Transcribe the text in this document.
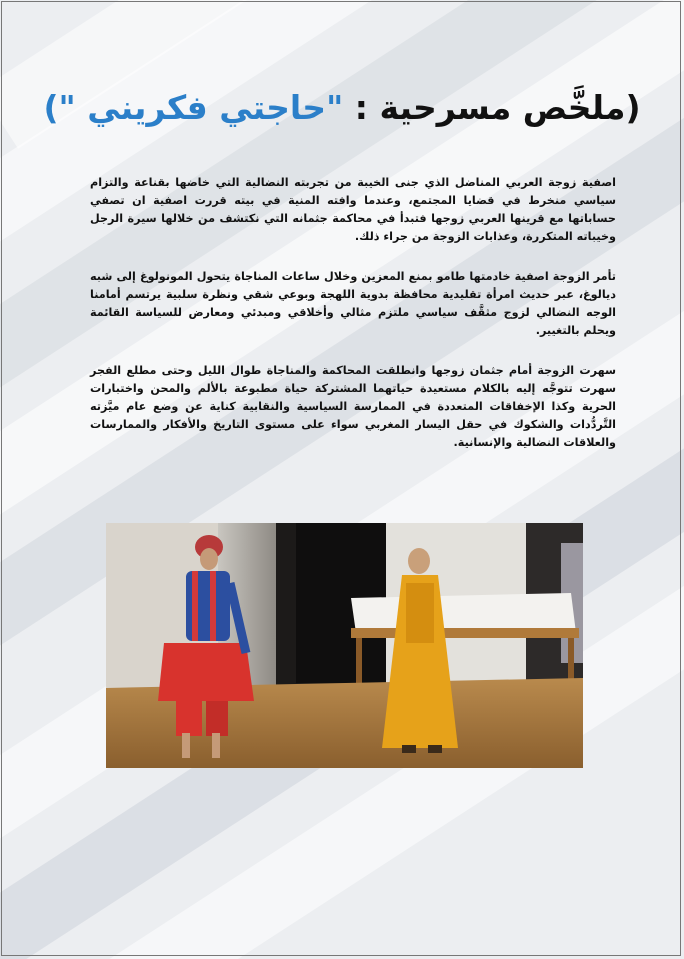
(ملخَّص مسرحية : "حاجتي فكريني ")

اصفية زوجة العربي المناضل الذي جنى الخيبة من تجربته النضالية التي خاضها بقناعة والتزام سياسي منخرط في قضايا المجتمع، وعندما وافته المنية في بيته قررت اصفية ان تصفي حساباتها مع قرينها العربي زوجها فتبدأ في محاكمة جثمانه التي نكتشف من خلالها سيرة الرجل وخيباته المتكررة، وعذابات الزوجة من جراء ذلك.

تأمر الزوجة اصفية خادمتها طامو بمنع المعزين وخلال ساعات المناجاة يتحول المونولوغ إلى شبه ديالوغ، عبر حديث امرأة تقليدية محافظة بدوية اللهجة وبوعي شقي ونظرة سلبية يرتسم أمامنا الوجه النضالي لزوج مثقَّف سياسي ملتزم مثالي وأخلاقي ومبدئي ومعارض للسياسة القائمة ويحلم بالتغيير.

سهرت الزوجة أمام جثمان زوجها وانطلقت المحاكمة والمناجاة طوال الليل وحتى مطلع الفجر سهرت تتوجَّه إليه بالكلام مستعيدة حياتهما المشتركة حياة مطبوعة بالألم والمحن واختبارات الحرية وكذا الإخفاقات المتعددة في الممارسة السياسية والنقابية كناية عن وضع عام ميَّزته التَّردُّدات والشكوك في حقل اليسار المغربي سواء على مستوى التاريخ والأفكار والممارسات والعلاقات النضالية والإنسانية.
